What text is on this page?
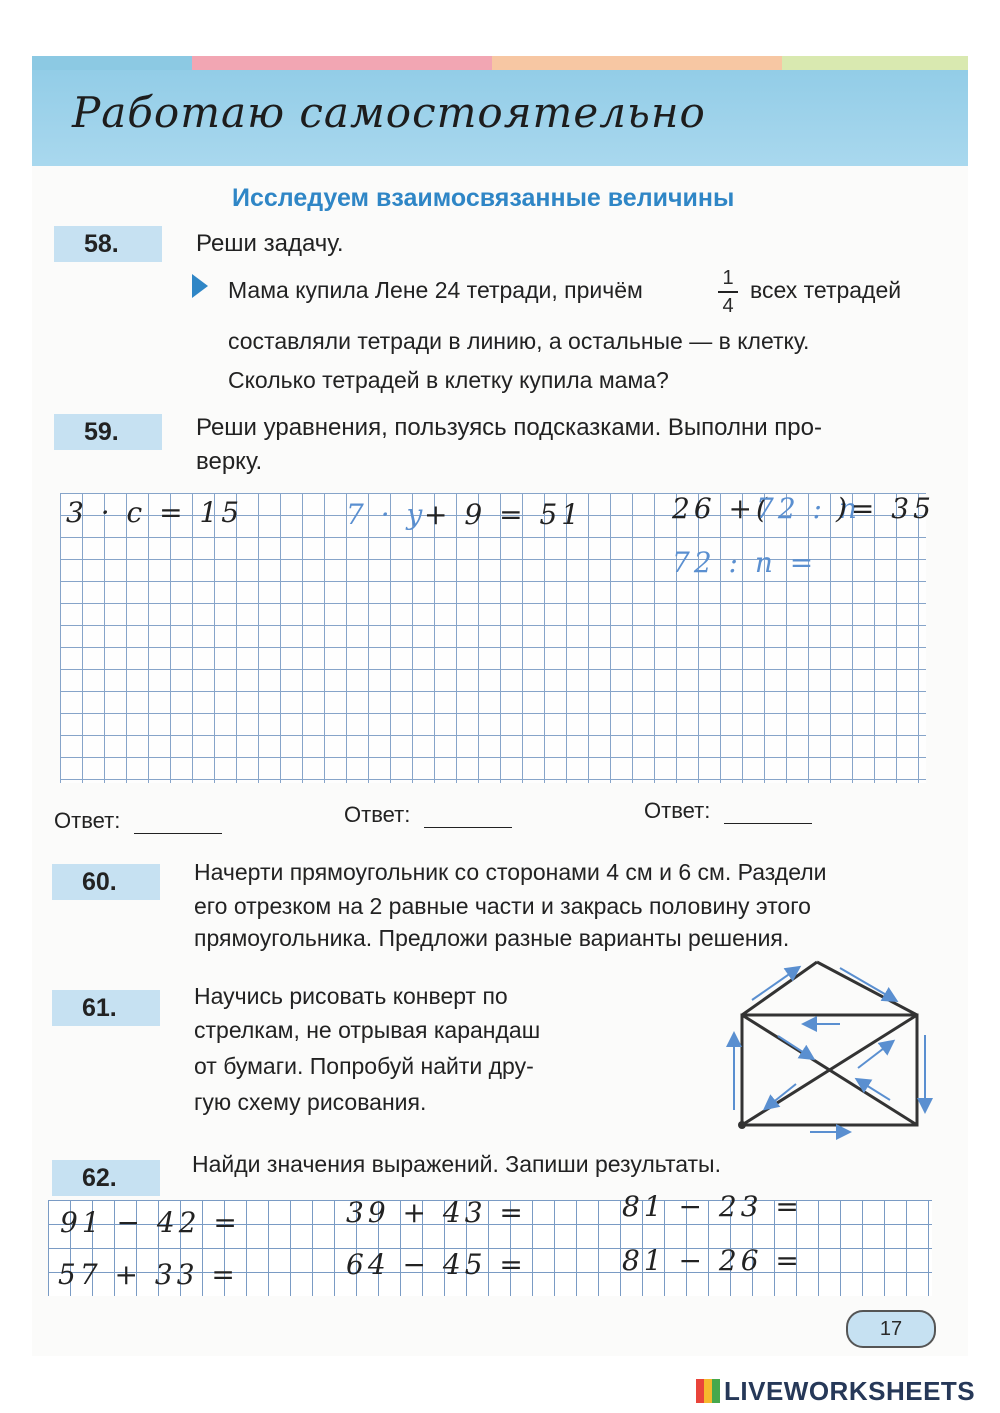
Работаю самостоятельно
Исследуем взаимосвязанные величины
58.	Реши задачу.
Мама купила Лене 24 тетради, причём	1
4
всех тетрадей
составляли тетради в линию, а остальные — в клетку.
Сколько тетрадей в клетку купила мама?
59.	Реши уравнения, пользуясь подсказками. Выполни про-
верку.
3 · c = 15	7 · y
+ 9 = 51	26 +(
72 : n
)= 35
72 : n =
Ответ:	Ответ:	Ответ:
60.	Начерти прямоугольник со сторонами 4 см и 6 см. Раздели
его отрезком на 2 равные части и закрась половину этого
прямоугольника. Предложи разные варианты решения.
61.	Научись рисовать конверт по
стрелкам, не отрывая карандаш
от бумаги. Попробуй найти дру-
гую схему рисования.
62.	Найди значения выражений. Запиши результаты.
91 − 42 =	39 + 43 =	81 − 23 =
57 + 33 =	64 − 45 =	81 − 26 =
17
LIVEWORKSHEETS
